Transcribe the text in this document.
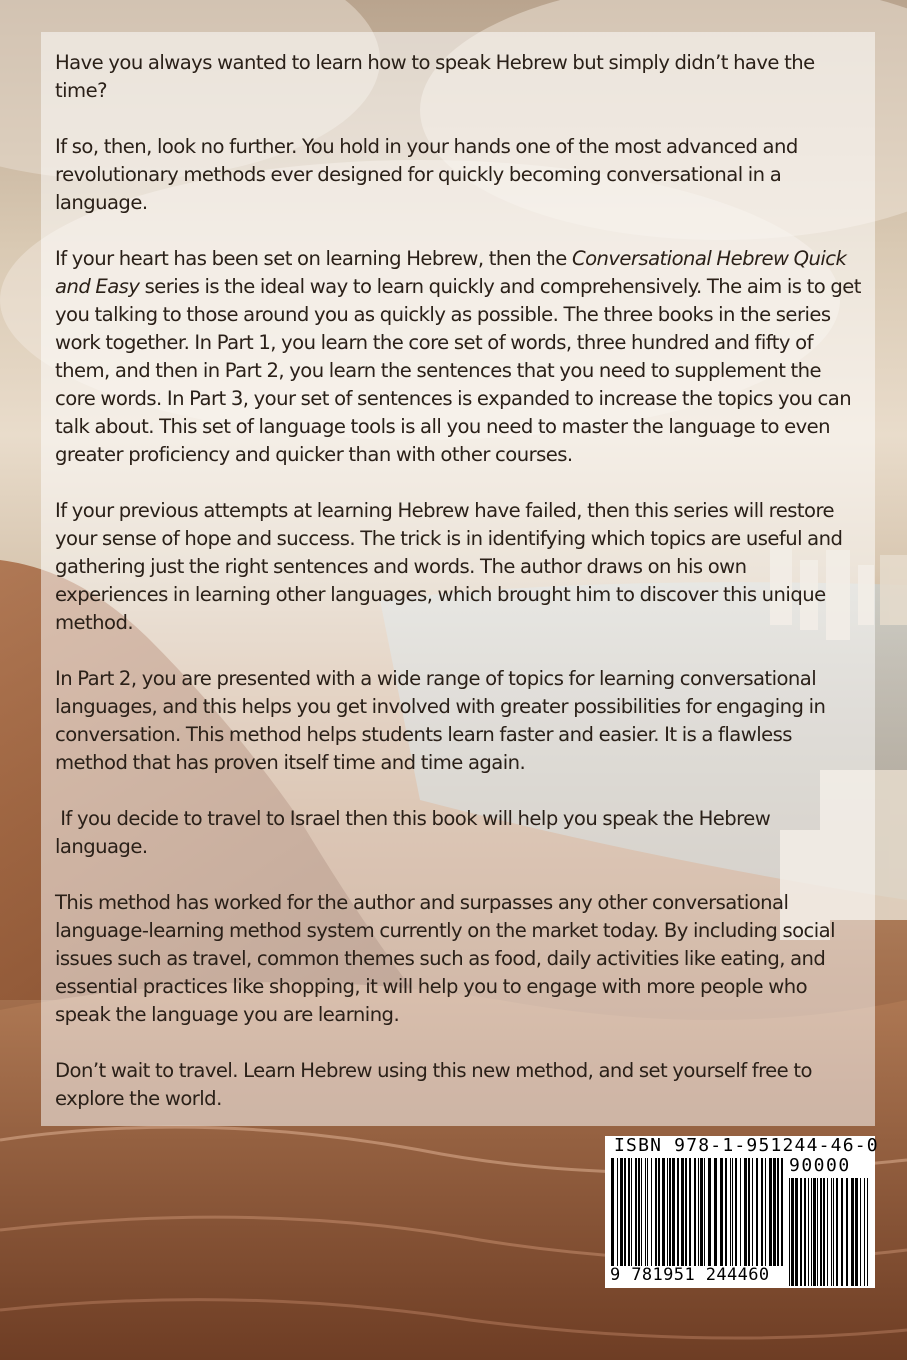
Have you always wanted to learn how to speak Hebrew but simply didn’t have the time?

If so, then, look no further. You hold in your hands one of the most advanced and revolutionary methods ever designed for quickly becoming conversational in a language.

If your heart has been set on learning Hebrew, then the Conversational Hebrew Quick and Easy series is the ideal way to learn quickly and comprehensively. The aim is to get you talking to those around you as quickly as possible. The three books in the series work together. In Part 1, you learn the core set of words, three hundred and fifty of them, and then in Part 2, you learn the sentences that you need to supplement the core words. In Part 3, your set of sentences is expanded to increase the topics you can talk about. This set of language tools is all you need to master the language to even greater proficiency and quicker than with other courses.

If your previous attempts at learning Hebrew have failed, then this series will restore your sense of hope and success. The trick is in identifying which topics are useful and gathering just the right sentences and words. The author draws on his own experiences in learning other languages, which brought him to discover this unique method.

In Part 2, you are presented with a wide range of topics for learning conversational languages, and this helps you get involved with greater possibilities for engaging in conversation. This method helps students learn faster and easier. It is a flawless method that has proven itself time and time again.

If you decide to travel to Israel then this book will help you speak the Hebrew language.

This method has worked for the author and surpasses any other conversational language-learning method system currently on the market today. By including social issues such as travel, common themes such as food, daily activities like eating, and essential practices like shopping, it will help you to engage with more people who speak the language you are learning.

Don’t wait to travel. Learn Hebrew using this new method, and set yourself free to explore the world.

ISBN 978-1-951244-46-0
90000
9 781951 244460
